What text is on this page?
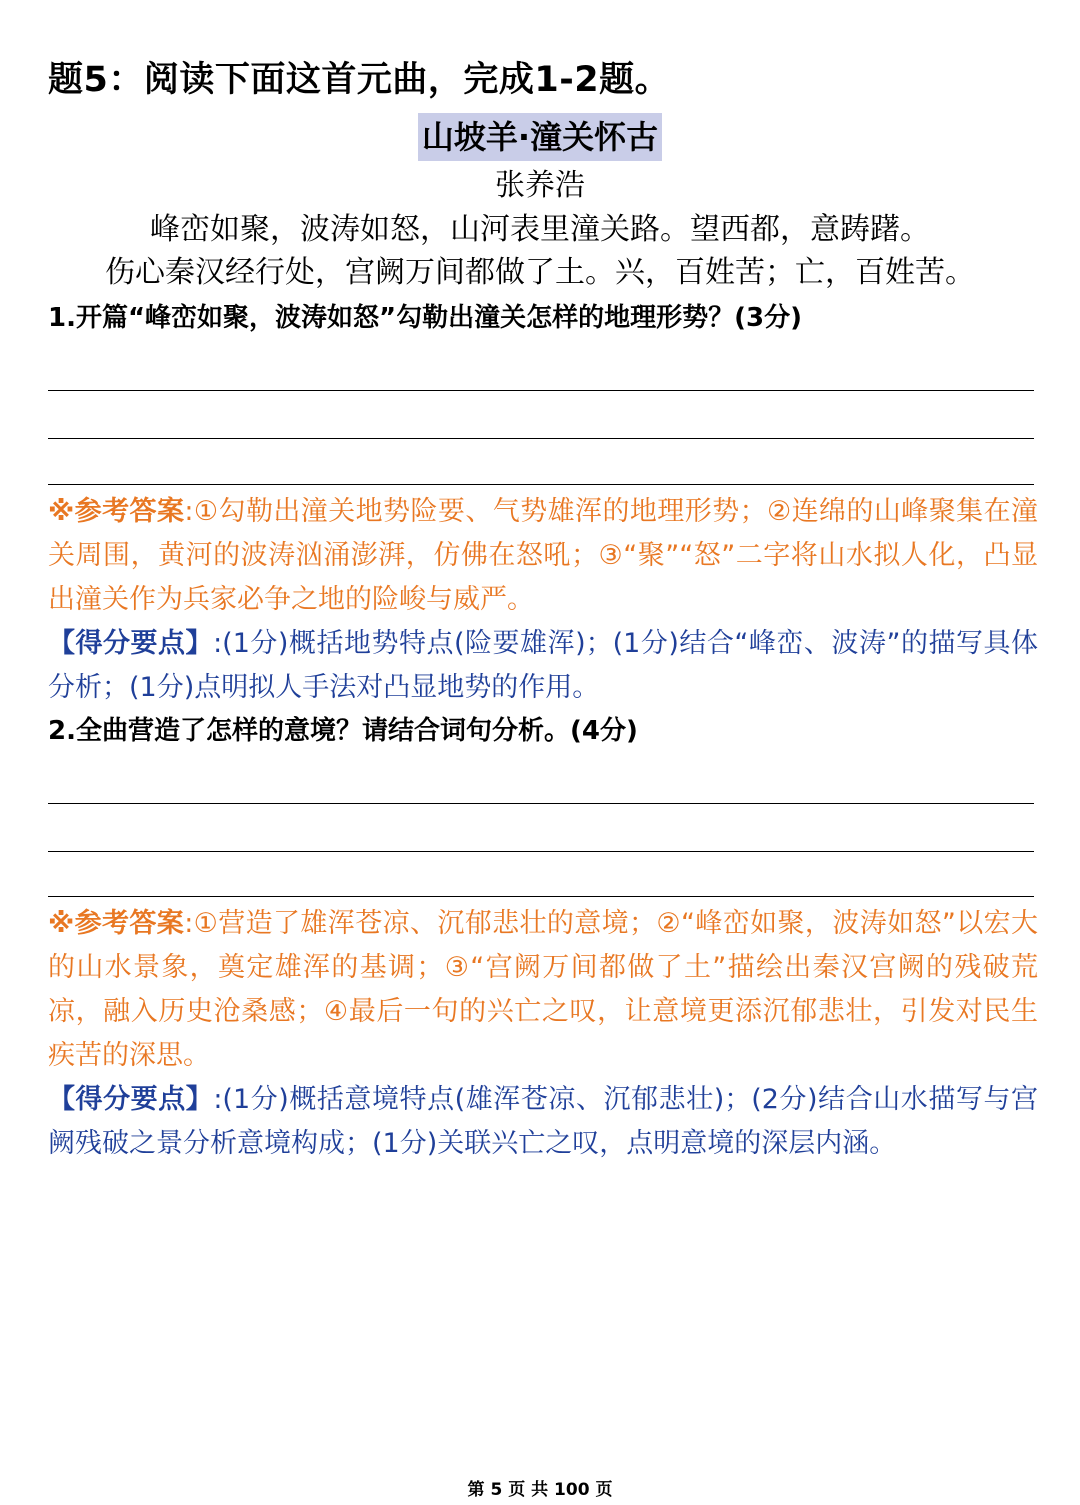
题5：阅读下面这首元曲，完成1-2题。
山坡羊·潼关怀古
张养浩
峰峦如聚，波涛如怒，山河表里潼关路。望西都，意踌躇。
伤心秦汉经行处，宫阙万间都做了土。兴，百姓苦；亡，百姓苦。
1.开篇“峰峦如聚，波涛如怒”勾勒出潼关怎样的地理形势？(3分)
※参考答案:①勾勒出潼关地势险要、气势雄浑的地理形势；②连绵的山峰聚集在潼关周围，黄河的波涛汹涌澎湃，仿佛在怒吼；③“聚”“怒”二字将山水拟人化，凸显出潼关作为兵家必争之地的险峻与威严。
【得分要点】:(1分)概括地势特点(险要雄浑)；(1分)结合“峰峦、波涛”的描写具体分析；(1分)点明拟人手法对凸显地势的作用。
2.全曲营造了怎样的意境？请结合词句分析。(4分)
※参考答案:①营造了雄浑苍凉、沉郁悲壮的意境；②“峰峦如聚，波涛如怒”以宏大的山水景象，奠定雄浑的基调；③“宫阙万间都做了土”描绘出秦汉宫阙的残破荒凉，融入历史沧桑感；④最后一句的兴亡之叹，让意境更添沉郁悲壮，引发对民生疾苦的深思。
【得分要点】:(1分)概括意境特点(雄浑苍凉、沉郁悲壮)；(2分)结合山水描写与宫阙残破之景分析意境构成；(1分)关联兴亡之叹，点明意境的深层内涵。
第 5 页 共 100 页
